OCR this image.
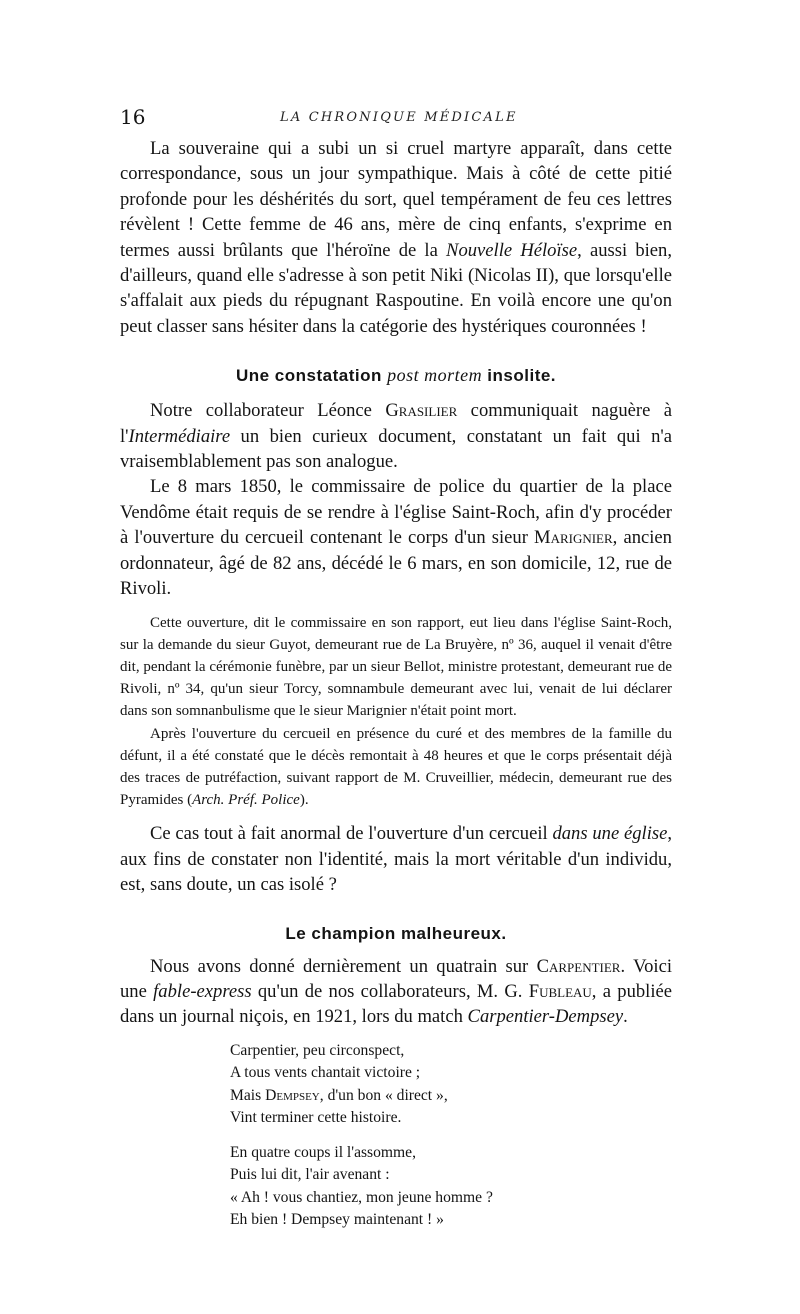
16	LA CHRONIQUE MÉDICALE

La souveraine qui a subi un si cruel martyre apparaît, dans cette correspondance, sous un jour sympathique. Mais à côté de cette pitié profonde pour les déshérités du sort, quel tempérament de feu ces lettres révèlent ! Cette femme de 46 ans, mère de cinq enfants, s'exprime en termes aussi brûlants que l'héroïne de la Nouvelle Héloïse, aussi bien, d'ailleurs, quand elle s'adresse à son petit Niki (Nicolas II), que lorsqu'elle s'affalait aux pieds du répugnant Raspoutine. En voilà encore une qu'on peut classer sans hésiter dans la catégorie des hystériques couronnées !

Une constatation post mortem insolite.

Notre collaborateur Léonce Grasilier communiquait naguère à l'Intermédiaire un bien curieux document, constatant un fait qui n'a vraisemblablement pas son analogue.

Le 8 mars 1850, le commissaire de police du quartier de la place Vendôme était requis de se rendre à l'église Saint-Roch, afin d'y procéder à l'ouverture du cercueil contenant le corps d'un sieur Marignier, ancien ordonnateur, âgé de 82 ans, décédé le 6 mars, en son domicile, 12, rue de Rivoli.

Cette ouverture, dit le commissaire en son rapport, eut lieu dans l'église Saint-Roch, sur la demande du sieur Guyot, demeurant rue de La Bruyère, nº 36, auquel il venait d'être dit, pendant la cérémonie funèbre, par un sieur Bellot, ministre protestant, demeurant rue de Rivoli, nº 34, qu'un sieur Torcy, somnambule demeurant avec lui, venait de lui déclarer dans son somnanbulisme que le sieur Marignier n'était point mort.

Après l'ouverture du cercueil en présence du curé et des membres de la famille du défunt, il a été constaté que le décès remontait à 48 heures et que le corps présentait déjà des traces de putréfaction, suivant rapport de M. Cruveillier, médecin, demeurant rue des Pyramides (Arch. Préf. Police).

Ce cas tout à fait anormal de l'ouverture d'un cercueil dans une église, aux fins de constater non l'identité, mais la mort véritable d'un individu, est, sans doute, un cas isolé ?

Le champion malheureux.

Nous avons donné dernièrement un quatrain sur Carpentier. Voici une fable-express qu'un de nos collaborateurs, M. G. Fubleau, a publiée dans un journal niçois, en 1921, lors du match Carpentier-Dempsey.

Carpentier, peu circonspect,
A tous vents chantait victoire ;
Mais Dempsey, d'un bon « direct »,
Vint terminer cette histoire.
En quatre coups il l'assomme,
Puis lui dit, l'air avenant :
« Ah ! vous chantiez, mon jeune homme ?
Eh bien ! Dempsey maintenant ! »
